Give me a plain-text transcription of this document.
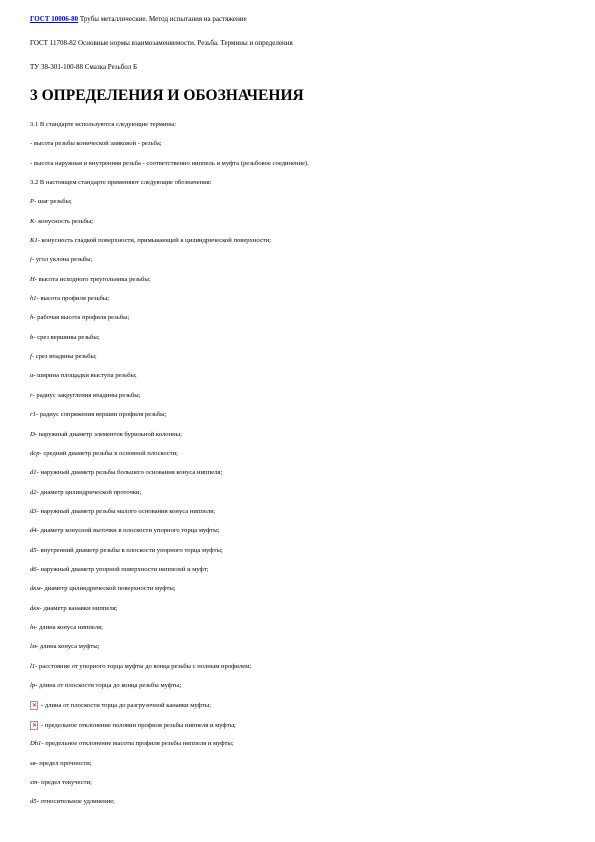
ГОСТ 10006-80 Трубы металлические. Метод испытания на растяжение
ГОСТ 11708-82 Основные нормы взаимозаменяемости. Резьба. Термины и определения
ТУ 38-301-100-88 Смазка Резьбол Б
3 ОПРЕДЕЛЕНИЯ И ОБОЗНАЧЕНИЯ
3.1 В стандарте используются следующие термины:
- высота резьбы конической замковой - резьба;
- высота наружная и внутренняя резьба - соответственно ниппель и муфта (резьбовое соединение).
3.2 В настоящем стандарте применяют следующие обозначения:
Р - шаг резьбы;
К - конусность резьбы;
К1 - конусность гладкой поверхности, примыкающей к цилиндрической поверхности;
j - угол уклона резьбы;
Н - высота исходного треугольника резьбы;
h1 - высота профиля резьбы;
h - рабочая высота профиля резьбы;
b - срез вершины резьбы;
f - срез впадины резьбы;
a - ширина площадки выступа резьбы;
r - радиус закругления впадины резьбы;
r1 - радиус сопряжения вершин профиля резьбы;
D - наружный диаметр элементов бурильной колонны;
dcp - средний диаметр резьбы в основной плоскости;
d1 - наружный диаметр резьбы большего основания конуса ниппеля;
d2 - диаметр цилиндрической проточки;
d3 - наружный диаметр резьбы малого основания конуса ниппеля;
d4 - диаметр конусной выточки в плоскости упорного торца муфты;
d5 - внутренний диаметр резьбы в плоскости упорного торца муфты;
d6 - наружный диаметр упорной поверхности ниппелей и муфт;
dкм - диаметр цилиндрической поверхности муфты;
dкн - диаметр канавки ниппеля;
lн - длина конуса ниппеля;
lм - длина конуса муфты;
l1 - расстояние от упорного торца муфты до конца резьбы с полным профилем;
lp - длина от плоскости торца до конца резьбы муфты;
✕
- длина от плоскости торца до разгрузочной канавки муфты;
✕
- предельное отклонение половин профиля резьбы ниппеля и муфты;
Dh1 - предельное отклонение высоты профиля резьбы ниппеля и муфты;
sв - предел прочности;
sт - предел текучести;
d5 - относительное удлинение;
